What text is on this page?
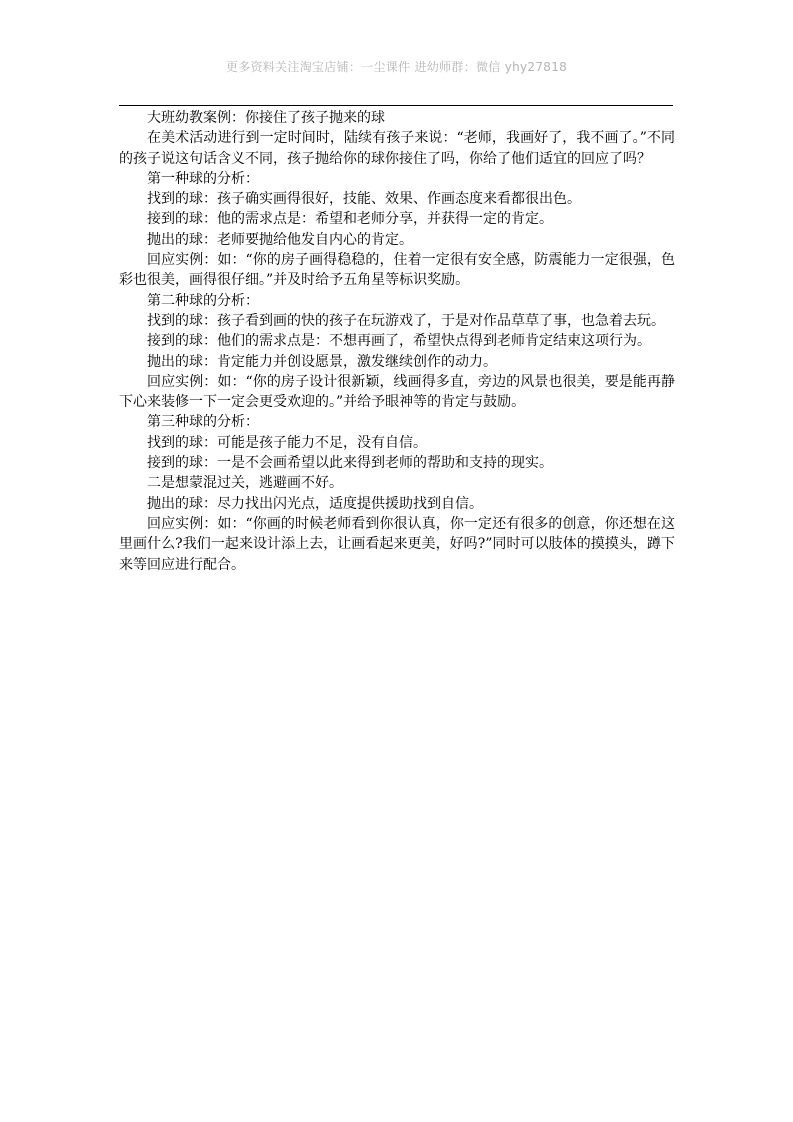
更多资料关注淘宝店铺：一尘课件 进幼师群：微信 yhy27818

大班幼教案例：你接住了孩子抛来的球

在美术活动进行到一定时间时，陆续有孩子来说：“老师，我画好了，我不画了。”不同的孩子说这句话含义不同，孩子抛给你的球你接住了吗，你给了他们适宜的回应了吗？

第一种球的分析：

找到的球：孩子确实画得很好，技能、效果、作画态度来看都很出色。

接到的球：他的需求点是：希望和老师分享，并获得一定的肯定。

抛出的球：老师要抛给他发自内心的肯定。

回应实例：如：“你的房子画得稳稳的，住着一定很有安全感，防震能力一定很强，色彩也很美，画得很仔细。”并及时给予五角星等标识奖励。

第二种球的分析：

找到的球：孩子看到画的快的孩子在玩游戏了，于是对作品草草了事，也急着去玩。

接到的球：他们的需求点是：不想再画了，希望快点得到老师肯定结束这项行为。

抛出的球：肯定能力并创设愿景，激发继续创作的动力。

回应实例：如：“你的房子设计很新颖，线画得多直，旁边的风景也很美，要是能再静下心来装修一下一定会更受欢迎的。”并给予眼神等的肯定与鼓励。

第三种球的分析：

找到的球：可能是孩子能力不足，没有自信。

接到的球：一是不会画希望以此来得到老师的帮助和支持的现实。

二是想蒙混过关，逃避画不好。

抛出的球：尽力找出闪光点，适度提供援助找到自信。

回应实例：如：“你画的时候老师看到你很认真，你一定还有很多的创意，你还想在这里画什么?我们一起来设计添上去，让画看起来更美，好吗?”同时可以肢体的摸摸头，蹲下来等回应进行配合。
